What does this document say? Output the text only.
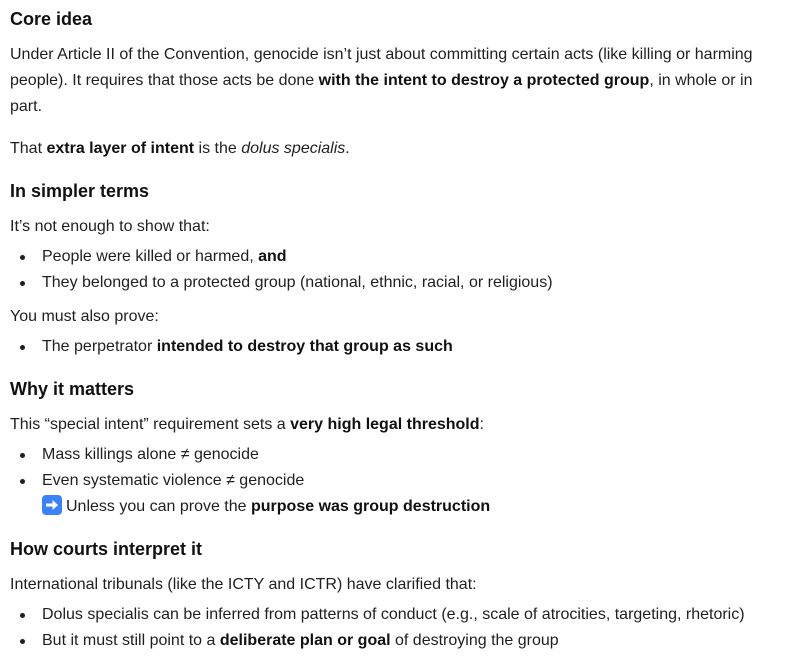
Core idea

Under Article II of the Convention, genocide isn’t just about committing certain acts (like killing or harming people). It requires that those acts be done with the intent to destroy a protected group, in whole or in part.

That extra layer of intent is the dolus specialis.

In simpler terms

It’s not enough to show that:

People were killed or harmed, and
They belonged to a protected group (national, ethnic, racial, or religious)

You must also prove:

The perpetrator intended to destroy that group as such
Why it matters

This “special intent” requirement sets a very high legal threshold:

Mass killings alone ≠ genocide
Even systematic violence ≠ genocide
Unless you can prove the purpose was group destruction
How courts interpret it

International tribunals (like the ICTY and ICTR) have clarified that:

Dolus specialis can be inferred from patterns of conduct (e.g., scale of atrocities, targeting, rhetoric)
But it must still point to a deliberate plan or goal of destroying the group
